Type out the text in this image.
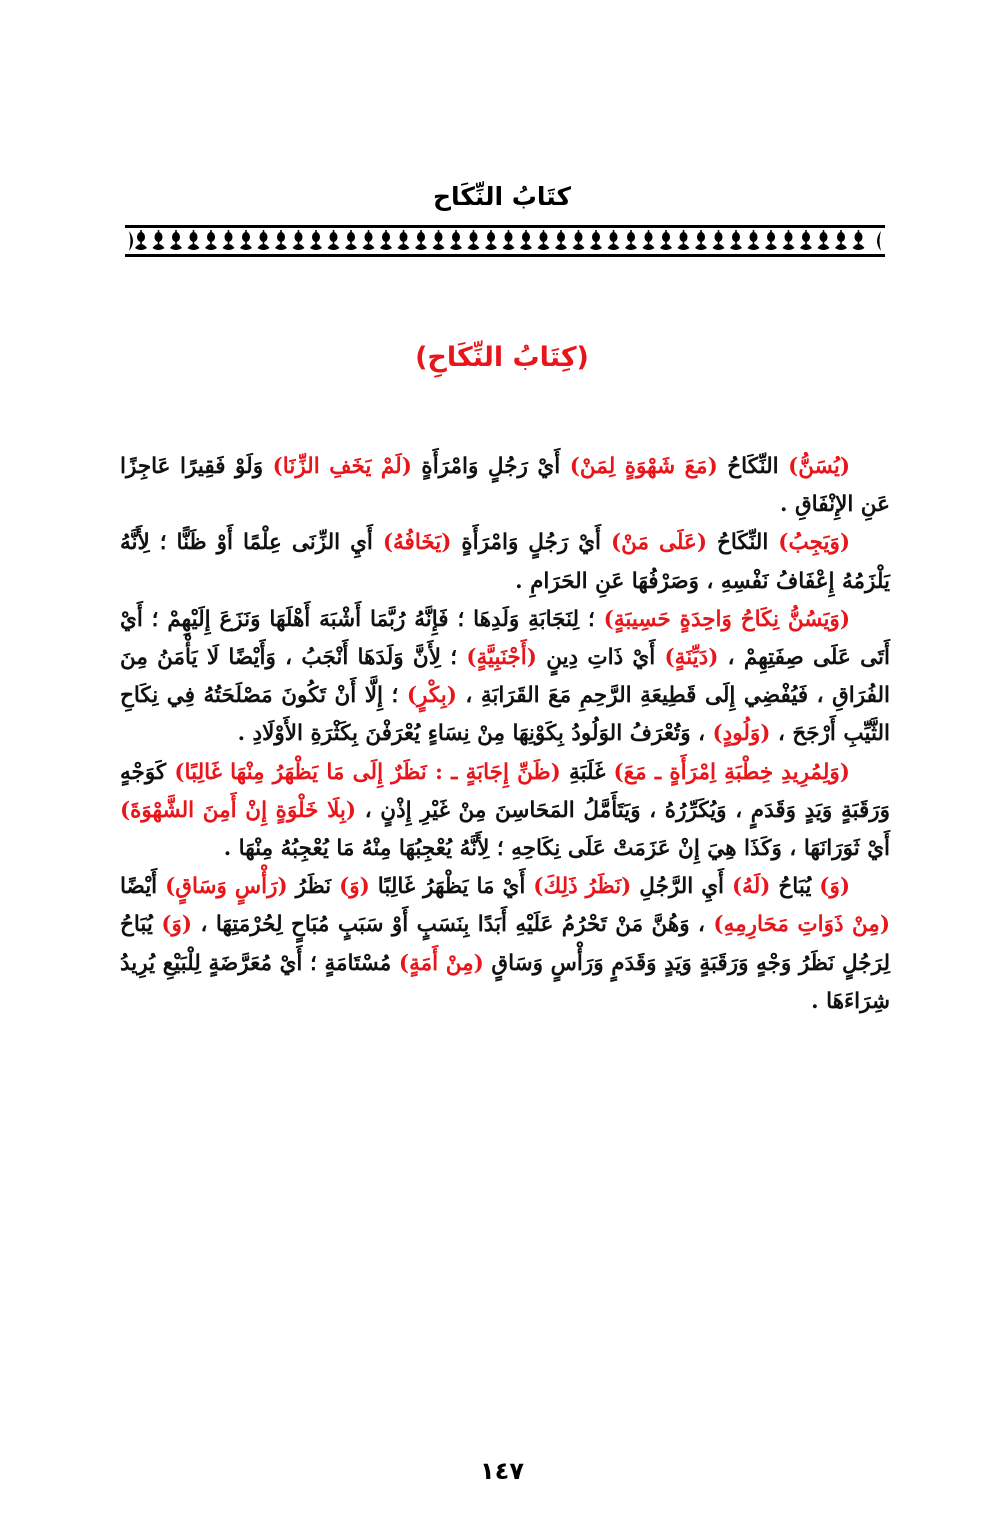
كتَابُ النِّكَاح
(كِتَابُ النِّكَاحِ)

(يُسَنُّ) النِّكَاحُ (مَعَ شَهْوَةٍ لِمَنْ) أَيْ رَجُلٍ وَامْرَأَةٍ (لَمْ يَخَفِ الزِّنَا) وَلَوْ فَقِيرًا عَاجِزًا عَنِ الإِنْفَاقِ .

(وَيَجِبُ) النِّكَاحُ (عَلَى مَنْ) أَيْ رَجُلٍ وَامْرَأَةٍ (يَخَافُهُ) أَيِ الزِّنَى عِلْمًا أَوْ ظَنًّا ؛ لِأَنَّهُ يَلْزَمُهُ إِعْفَافُ نَفْسِهِ ، وَصَرْفُهَا عَنِ الحَرَامِ .

(وَيَسُنُّ نِكَاحُ وَاحِدَةٍ حَسِيبَةٍ) ؛ لِنَجَابَةِ وَلَدِهَا ؛ فَإِنَّهُ رُبَّمَا أَشْبَهَ أَهْلَهَا وَنَزَعَ إِلَيْهِمْ ؛ أَيْ أَتَى عَلَى صِفَتِهِمْ ، (دَيِّنَةٍ) أَيْ ذَاتِ دِينٍ (أَجْنَبِيَّةٍ) ؛ لِأَنَّ وَلَدَهَا أَنْجَبُ ، وَأَيْضًا لَا يَأْمَنُ مِنَ الفُرَاقِ ، فَيُفْضِي إِلَى قَطِيعَةِ الرَّحِمِ مَعَ القَرَابَةِ ، (بِكْرٍ) ؛ إِلَّا أَنْ تَكُونَ مَصْلَحَتُهُ فِي نِكَاحِ الثَّيِّبِ أَرْجَحَ ، (وَلُودٍ) ، وَتُعْرَفُ الوَلُودُ بِكَوْنِهَا مِنْ نِسَاءٍ يُعْرَفْنَ بِكَثْرَةِ الأَوْلَادِ .

(وَلِمُرِيدِ خِطْبَةِ اِمْرَأَةٍ ـ مَعَ) غَلَبَةِ (ظَنِّ إِجَابَةٍ ـ : نَظَرٌ إِلَى مَا يَظْهَرُ مِنْهَا غَالِبًا) كَوَجْهٍ وَرَقَبَةٍ وَيَدٍ وَقَدَمٍ ، وَيُكَرِّرُهُ ، وَيَتَأَمَّلُ المَحَاسِنَ مِنْ غَيْرِ إِذْنٍ ، (بِلَا خَلْوَةٍ إِنْ أَمِنَ الشَّهْوَةَ) أَيْ ثَوَرَانَهَا ، وَكَذَا هِيَ إِنْ عَزَمَتْ عَلَى نِكَاحِهِ ؛ لِأَنَّهُ يُعْجِبُهَا مِنْهُ مَا يُعْجِبُهُ مِنْهَا .

(وَ) يُبَاحُ (لَهُ) أَيِ الرَّجُلِ (نَظَرُ ذَلِكَ) أَيْ مَا يَظْهَرُ غَالِبًا (وَ) نَظَرُ (رَأْسٍ وَسَاقٍ) أَيْضًا (مِنْ ذَوَاتِ مَحَارِمِهِ) ، وَهُنَّ مَنْ تَحْرُمُ عَلَيْهِ أَبَدًا بِنَسَبٍ أَوْ سَبَبٍ مُبَاحٍ لِحُرْمَتِهَا ، (وَ) يُبَاحُ لِرَجُلٍ نَظَرُ وَجْهٍ وَرَقَبَةٍ وَيَدٍ وَقَدَمٍ وَرَأْسٍ وَسَاقٍ (مِنْ أَمَةٍ) مُسْتَامَةٍ ؛ أَيْ مُعَرَّضَةٍ لِلْبَيْعِ يُرِيدُ شِرَاءَهَا .

١٤٧
